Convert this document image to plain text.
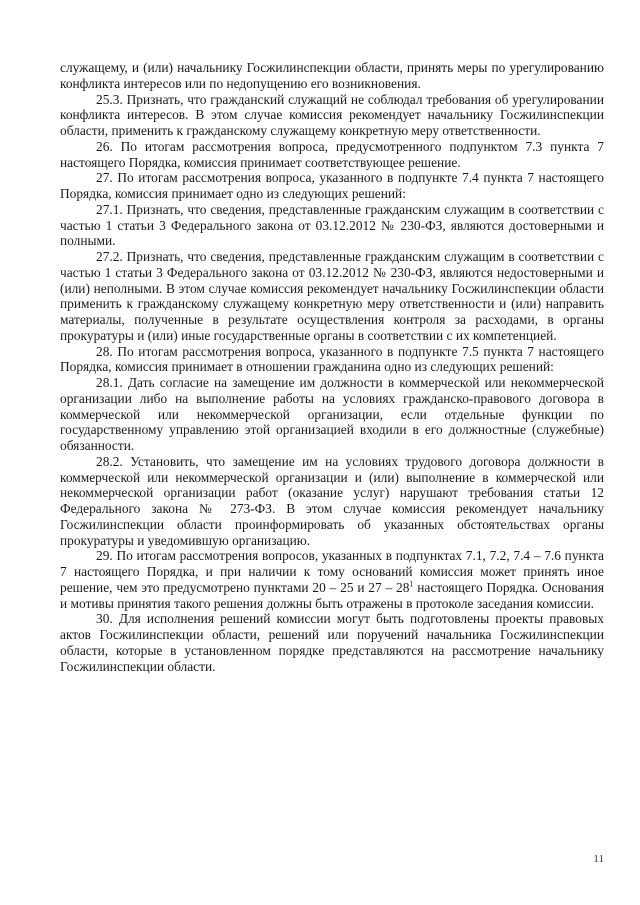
служащему, и (или) начальнику Госжилинспекции области, принять меры по урегулированию конфликта интересов или по недопущению его возникновения.

25.3. Признать, что гражданский служащий не соблюдал требования об урегулировании конфликта интересов. В этом случае комиссия рекомендует начальнику Госжилинспекции области, применить к гражданскому служащему конкретную меру ответственности.

26. По итогам рассмотрения вопроса, предусмотренного подпунктом 7.3 пункта 7 настоящего Порядка, комиссия принимает соответствующее решение.

27. По итогам рассмотрения вопроса, указанного в подпункте 7.4 пункта 7 настоящего Порядка, комиссия принимает одно из следующих решений:

27.1. Признать, что сведения, представленные гражданским служащим в соответствии с частью 1 статьи 3 Федерального закона от 03.12.2012 № 230-ФЗ, являются достоверными и полными.

27.2. Признать, что сведения, представленные гражданским служащим в соответствии с частью 1 статьи 3 Федерального закона от 03.12.2012 № 230-ФЗ, являются недостоверными и (или) неполными. В этом случае комиссия рекомендует начальнику Госжилинспекции области применить к гражданскому служащему конкретную меру ответственности и (или) направить материалы, полученные в результате осуществления контроля за расходами, в органы прокуратуры и (или) иные государственные органы в соответствии с их компетенцией.

28. По итогам рассмотрения вопроса, указанного в подпункте 7.5 пункта 7 настоящего Порядка, комиссия принимает в отношении гражданина одно из следующих решений:

28.1. Дать согласие на замещение им должности в коммерческой или некоммерческой организации либо на выполнение работы на условиях гражданско-правового договора в коммерческой или некоммерческой организации, если отдельные функции по государственному управлению этой организацией входили в его должностные (служебные) обязанности.

28.2. Установить, что замещение им на условиях трудового договора должности в коммерческой или некоммерческой организации и (или) выполнение в коммерческой или некоммерческой организации работ (оказание услуг) нарушают требования статьи 12 Федерального закона № 273-ФЗ. В этом случае комиссия рекомендует начальнику Госжилинспекции области проинформировать об указанных обстоятельствах органы прокуратуры и уведомившую организацию.

29. По итогам рассмотрения вопросов, указанных в подпунктах 7.1, 7.2, 7.4 – 7.6 пункта 7 настоящего Порядка, и при наличии к тому оснований комиссия может принять иное решение, чем это предусмотрено пунктами 20 – 25 и $27 - 28^1$ настоящего Порядка. Основания и мотивы принятия такого решения должны быть отражены в протоколе заседания комиссии.

30. Для исполнения решений комиссии могут быть подготовлены проекты правовых актов Госжилинспекции области, решений или поручений начальника Госжилинспекции области, которые в установленном порядке представляются на рассмотрение начальнику Госжилинспекции области.

11
